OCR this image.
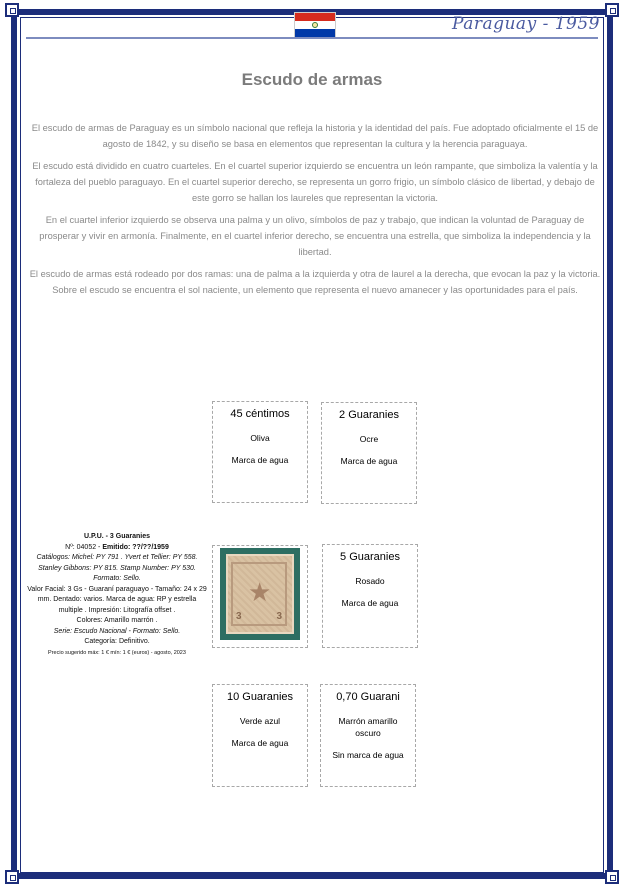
Paraguay - 1959
Escudo de armas

El escudo de armas de Paraguay es un símbolo nacional que refleja la historia y la identidad del país. Fue adoptado oficialmente el 15 de agosto de 1842, y su diseño se basa en elementos que representan la cultura y la herencia paraguaya.

El escudo está dividido en cuatro cuarteles. En el cuartel superior izquierdo se encuentra un león rampante, que simboliza la valentía y la fortaleza del pueblo paraguayo. En el cuartel superior derecho, se representa un gorro frigio, un símbolo clásico de libertad, y debajo de este gorro se hallan los laureles que representan la victoria.

En el cuartel inferior izquierdo se observa una palma y un olivo, símbolos de paz y trabajo, que indican la voluntad de Paraguay de prosperar y vivir en armonía. Finalmente, en el cuartel inferior derecho, se encuentra una estrella, que simboliza la independencia y la libertad.

El escudo de armas está rodeado por dos ramas: una de palma a la izquierda y otra de laurel a la derecha, que evocan la paz y la victoria. Sobre el escudo se encuentra el sol naciente, un elemento que representa el nuevo amanecer y las oportunidades para el país.

45 céntimos
Oliva
Marca de agua
2 Guaranies
Ocre
Marca de agua
U.P.U. - 3 Guaranies
Nº: 04052 - Emitido: ??/??/1959
Catálogos: Michel: PY 791 . Yvert et Tellier: PY 558. Stanley Gibbons: PY 815. Stamp Number: PY 530. Formato: Sello.
Valor Facial: 3 Gs - Guaraní paraguayo - Tamaño: 24 x 29 mm. Dentado: varios. Marca de agua: RP y estrella multiple . Impresión: Litografía offset .
Colores: Amarillo marrón .
Serie: Escudo Nacional - Formato: Sello.
Categoría: Definitivo.
Precio sugerido máx: 1 € mín: 1 € (euros) - agosto, 2023
★
3	3
5 Guaranies
Rosado
Marca de agua
10 Guaranies
Verde azul
Marca de agua
0,70 Guarani
Marrón amarillo oscuro
Sin marca de agua
